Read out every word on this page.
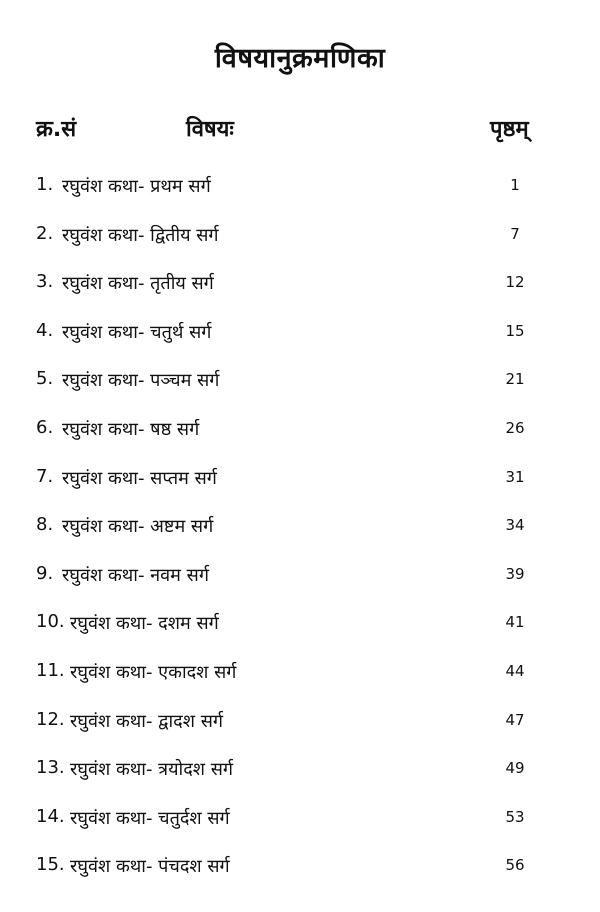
विषयानुक्रमणिका
क्र.सं	विषयः	पृष्ठम्
1. रघुवंश कथा- प्रथम सर्ग	1
2. रघुवंश कथा- द्वितीय सर्ग	7
3. रघुवंश कथा- तृतीय सर्ग	12
4. रघुवंश कथा- चतुर्थ सर्ग	15
5. रघुवंश कथा- पञ्चम सर्ग	21
6. रघुवंश कथा- षष्ठ सर्ग	26
7. रघुवंश कथा- सप्तम सर्ग	31
8. रघुवंश कथा- अष्टम सर्ग	34
9. रघुवंश कथा- नवम सर्ग	39
10. रघुवंश कथा- दशम सर्ग	41
11. रघुवंश कथा- एकादश सर्ग	44
12. रघुवंश कथा- द्वादश सर्ग	47
13. रघुवंश कथा- त्रयोदश सर्ग	49
14. रघुवंश कथा- चतुर्दश सर्ग	53
15. रघुवंश कथा- पंचदश सर्ग	56
